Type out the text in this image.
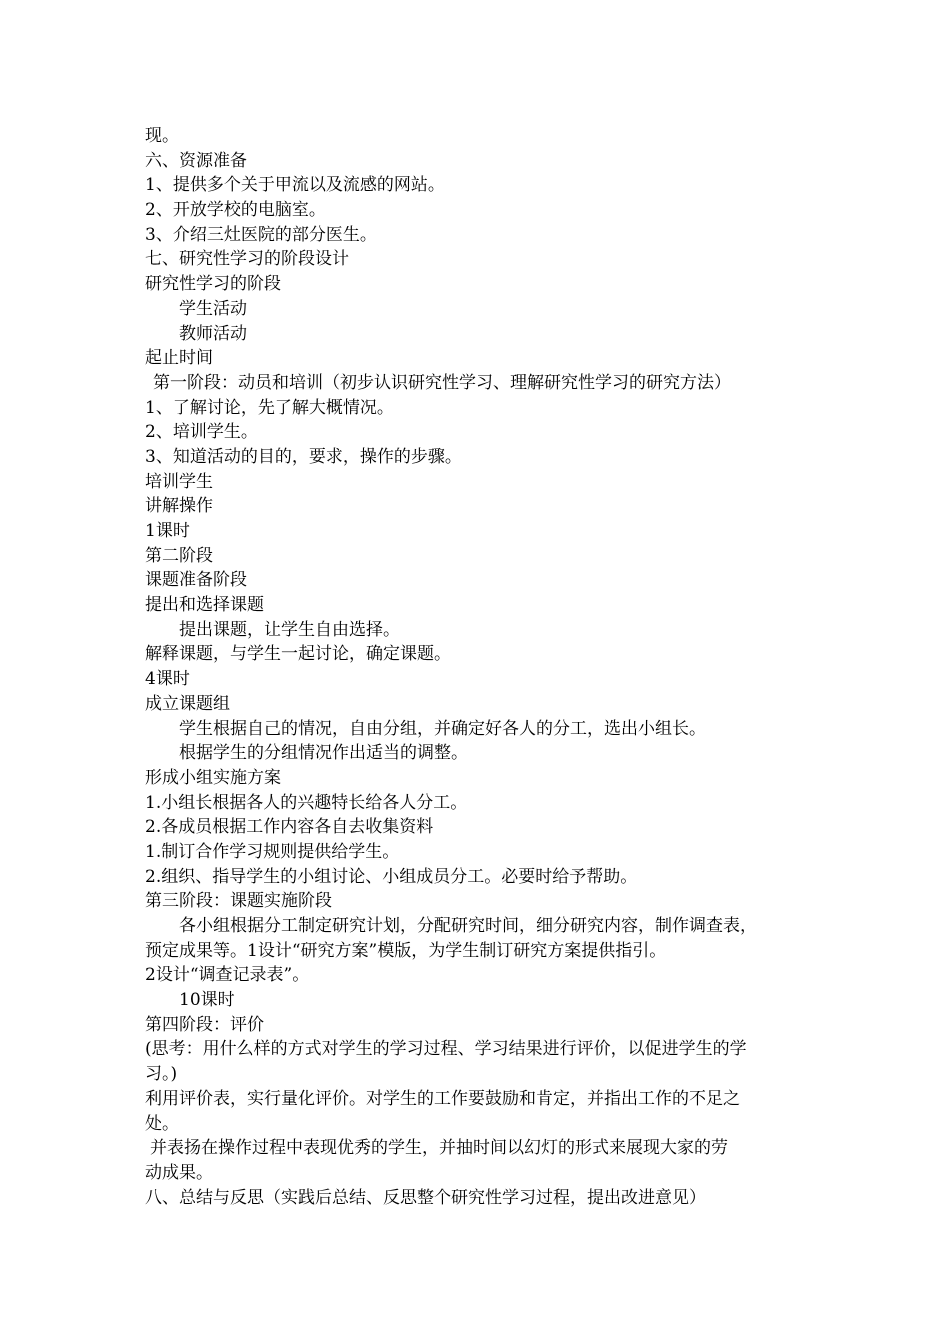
现。
六、资源准备
1、提供多个关于甲流以及流感的网站。
2、开放学校的电脑室。
3、介绍三灶医院的部分医生。
七、研究性学习的阶段设计
研究性学习的阶段
学生活动
教师活动
起止时间
第一阶段：动员和培训（初步认识研究性学习、理解研究性学习的研究方法）
1、了解讨论，先了解大概情况。
2、培训学生。
3、知道活动的目的，要求，操作的步骤。
培训学生
讲解操作
1课时
第二阶段
课题准备阶段
提出和选择课题
提出课题，让学生自由选择。
解释课题，与学生一起讨论，确定课题。
4课时
成立课题组
学生根据自己的情况，自由分组，并确定好各人的分工，选出小组长。
根据学生的分组情况作出适当的调整。
形成小组实施方案
1.小组长根据各人的兴趣特长给各人分工。
2.各成员根据工作内容各自去收集资料
1.制订合作学习规则提供给学生。
2.组织、指导学生的小组讨论、小组成员分工。必要时给予帮助。
第三阶段：课题实施阶段
各小组根据分工制定研究计划，分配研究时间，细分研究内容，制作调查表，
预定成果等。1设计“研究方案”模版，为学生制订研究方案提供指引。
2设计“调查记录表”。
10课时
第四阶段：评价
(思考：用什么样的方式对学生的学习过程、学习结果进行评价，以促进学生的学
习。)
利用评价表，实行量化评价。对学生的工作要鼓励和肯定，并指出工作的不足之
处。
并表扬在操作过程中表现优秀的学生，并抽时间以幻灯的形式来展现大家的劳
动成果。
八、总结与反思（实践后总结、反思整个研究性学习过程，提出改进意见）
